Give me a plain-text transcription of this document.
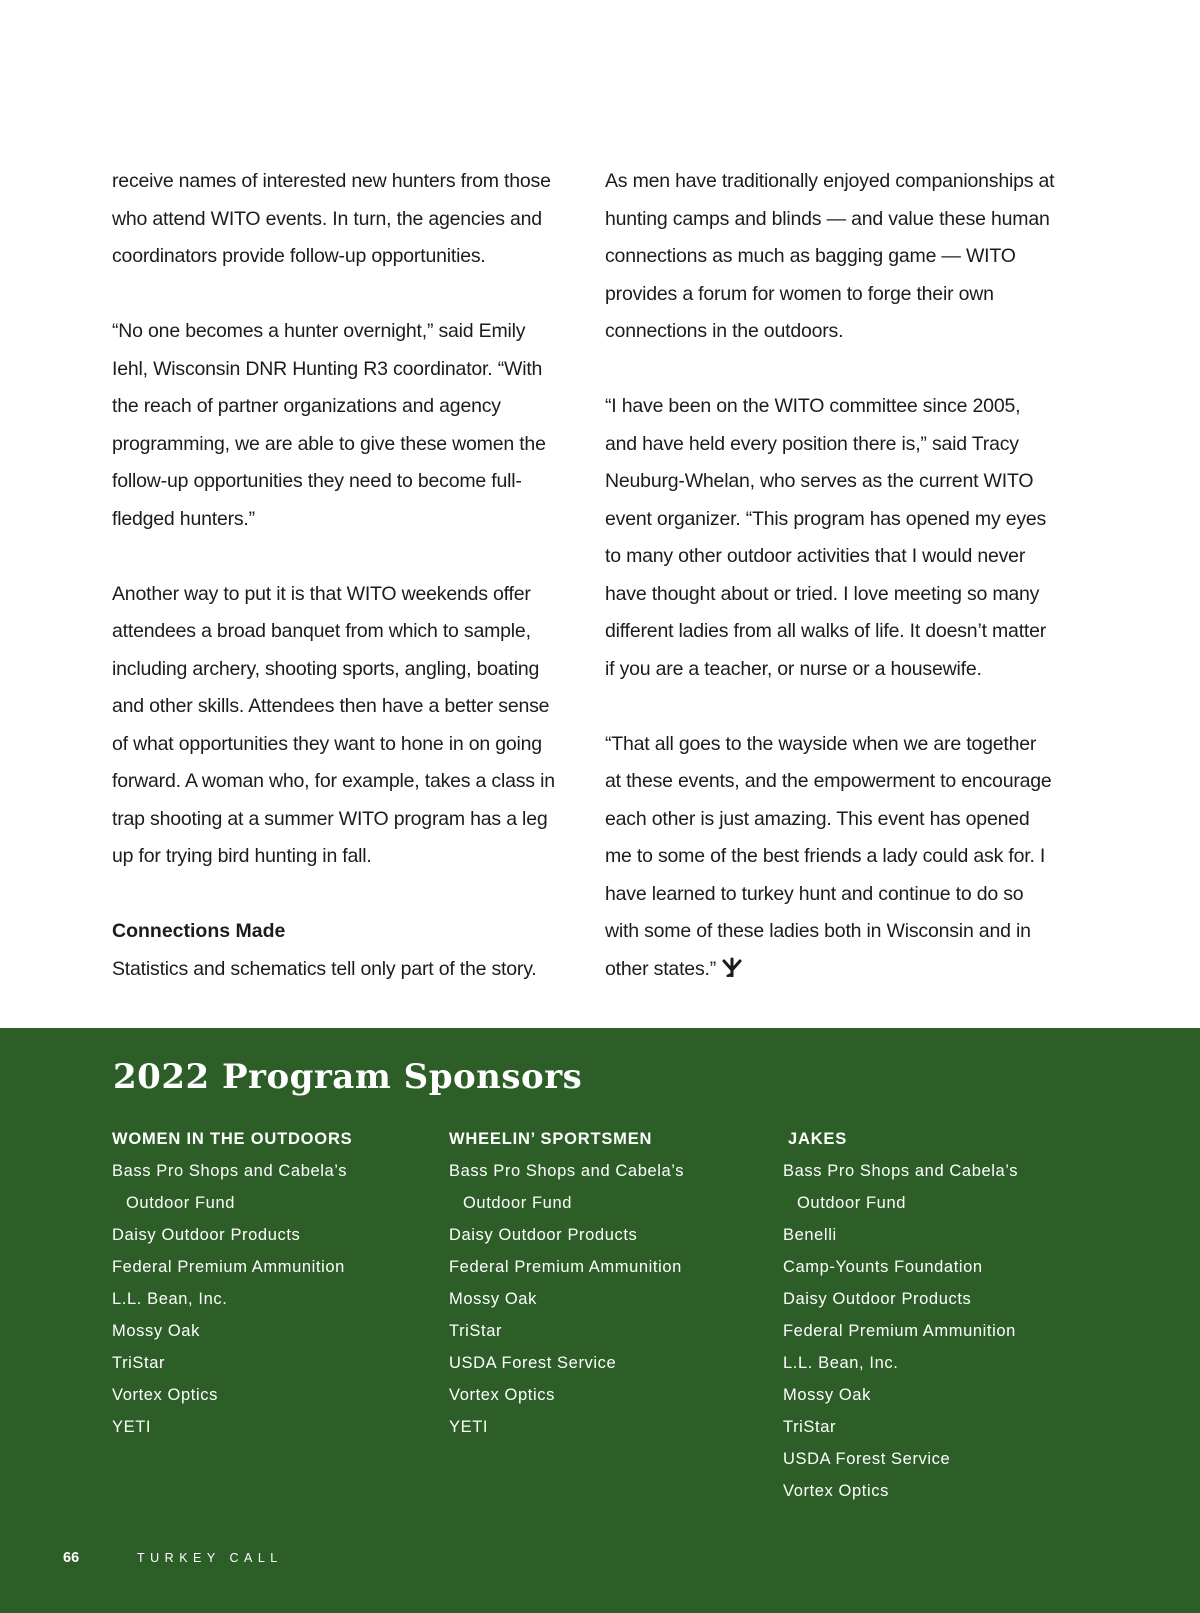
receive names of interested new hunters from those who attend WITO events. In turn, the agencies and coordinators provide follow-up opportunities.

“No one becomes a hunter overnight,” said Emily Iehl, Wisconsin DNR Hunting R3 coordinator. “With the reach of partner organizations and agency programming, we are able to give these women the follow-up opportunities they need to become full-fledged hunters.”

Another way to put it is that WITO weekends offer attendees a broad banquet from which to sample, including archery, shooting sports, angling, boating and other skills. Attendees then have a better sense of what opportunities they want to hone in on going forward. A woman who, for example, takes a class in trap shooting at a summer WITO program has a leg up for trying bird hunting in fall.

Connections Made

Statistics and schematics tell only part of the story.

As men have traditionally enjoyed companionships at hunting camps and blinds — and value these human connections as much as bagging game — WITO provides a forum for women to forge their own connections in the outdoors.

“I have been on the WITO committee since 2005, and have held every position there is,” said Tracy Neuburg-Whelan, who serves as the current WITO event organizer. “This program has opened my eyes to many other outdoor activities that I would never have thought about or tried. I love meeting so many different ladies from all walks of life. It doesn’t matter if you are a teacher, or nurse or a housewife.

“That all goes to the wayside when we are together at these events, and the empowerment to encourage each other is just amazing. This event has opened me to some of the best friends a lady could ask for. I have learned to turkey hunt and continue to do so with some of these ladies both in Wisconsin and in other states.”

2022 Program Sponsors
WOMEN IN THE OUTDOORS
Bass Pro Shops and Cabela’s
Outdoor Fund
Daisy Outdoor Products
Federal Premium Ammunition
L.L. Bean, Inc.
Mossy Oak
TriStar
Vortex Optics
YETI
WHEELIN’ SPORTSMEN
Bass Pro Shops and Cabela’s
Outdoor Fund
Daisy Outdoor Products
Federal Premium Ammunition
Mossy Oak
TriStar
USDA Forest Service
Vortex Optics
YETI
JAKES
Bass Pro Shops and Cabela’s
Outdoor Fund
Benelli
Camp-Younts Foundation
Daisy Outdoor Products
Federal Premium Ammunition
L.L. Bean, Inc.
Mossy Oak
TriStar
USDA Forest Service
Vortex Optics

66	TURKEY CALL
